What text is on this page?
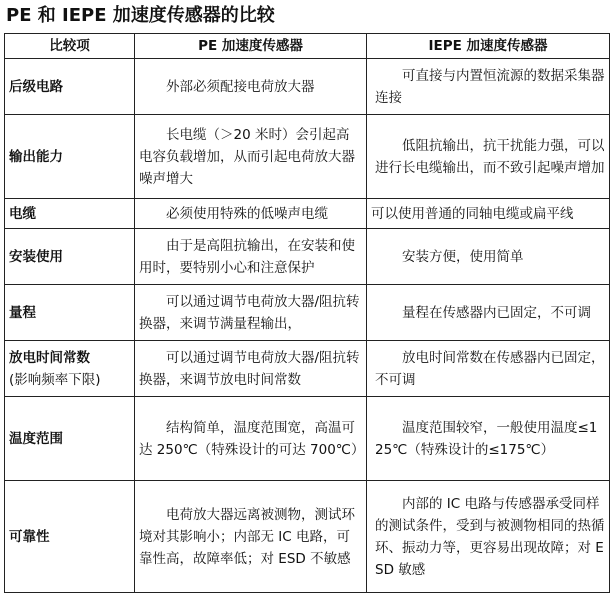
PE 和 IEPE 加速度传感器的比较
比较项	PE 加速度传感器	IEPE 加速度传感器
后级电路	外部必须配接电荷放大器	可直接与内置恒流源的数据采集器连接
输出能力	长电缆（＞20 米时）会引起高电容负载增加，从而引起电荷放大器噪声增大	低阻抗输出，抗干扰能力强，可以进行长电缆输出，而不致引起噪声增加
电缆	必须使用特殊的低噪声电缆	可以使用普通的同轴电缆或扁平线
安装使用	由于是高阻抗输出，在安装和使用时，要特别小心和注意保护	安装方便，使用简单
量程	可以通过调节电荷放大器/阻抗转换器，来调节满量程输出，	量程在传感器内已固定，不可调
放电时间常数
(影响频率下限)	可以通过调节电荷放大器/阻抗转换器，来调节放电时间常数	放电时间常数在传感器内已固定，不可调
温度范围	结构简单，温度范围宽，高温可达 250℃（特殊设计的可达 700℃）	温度范围较窄，一般使用温度≤125℃（特殊设计的≤175℃）
可靠性	电荷放大器远离被测物，测试环境对其影响小；内部无 IC 电路，可靠性高，故障率低；对 ESD 不敏感	内部的 IC 电路与传感器承受同样的测试条件，受到与被测物相同的热循环、振动力等，更容易出现故障；对 ESD 敏感
